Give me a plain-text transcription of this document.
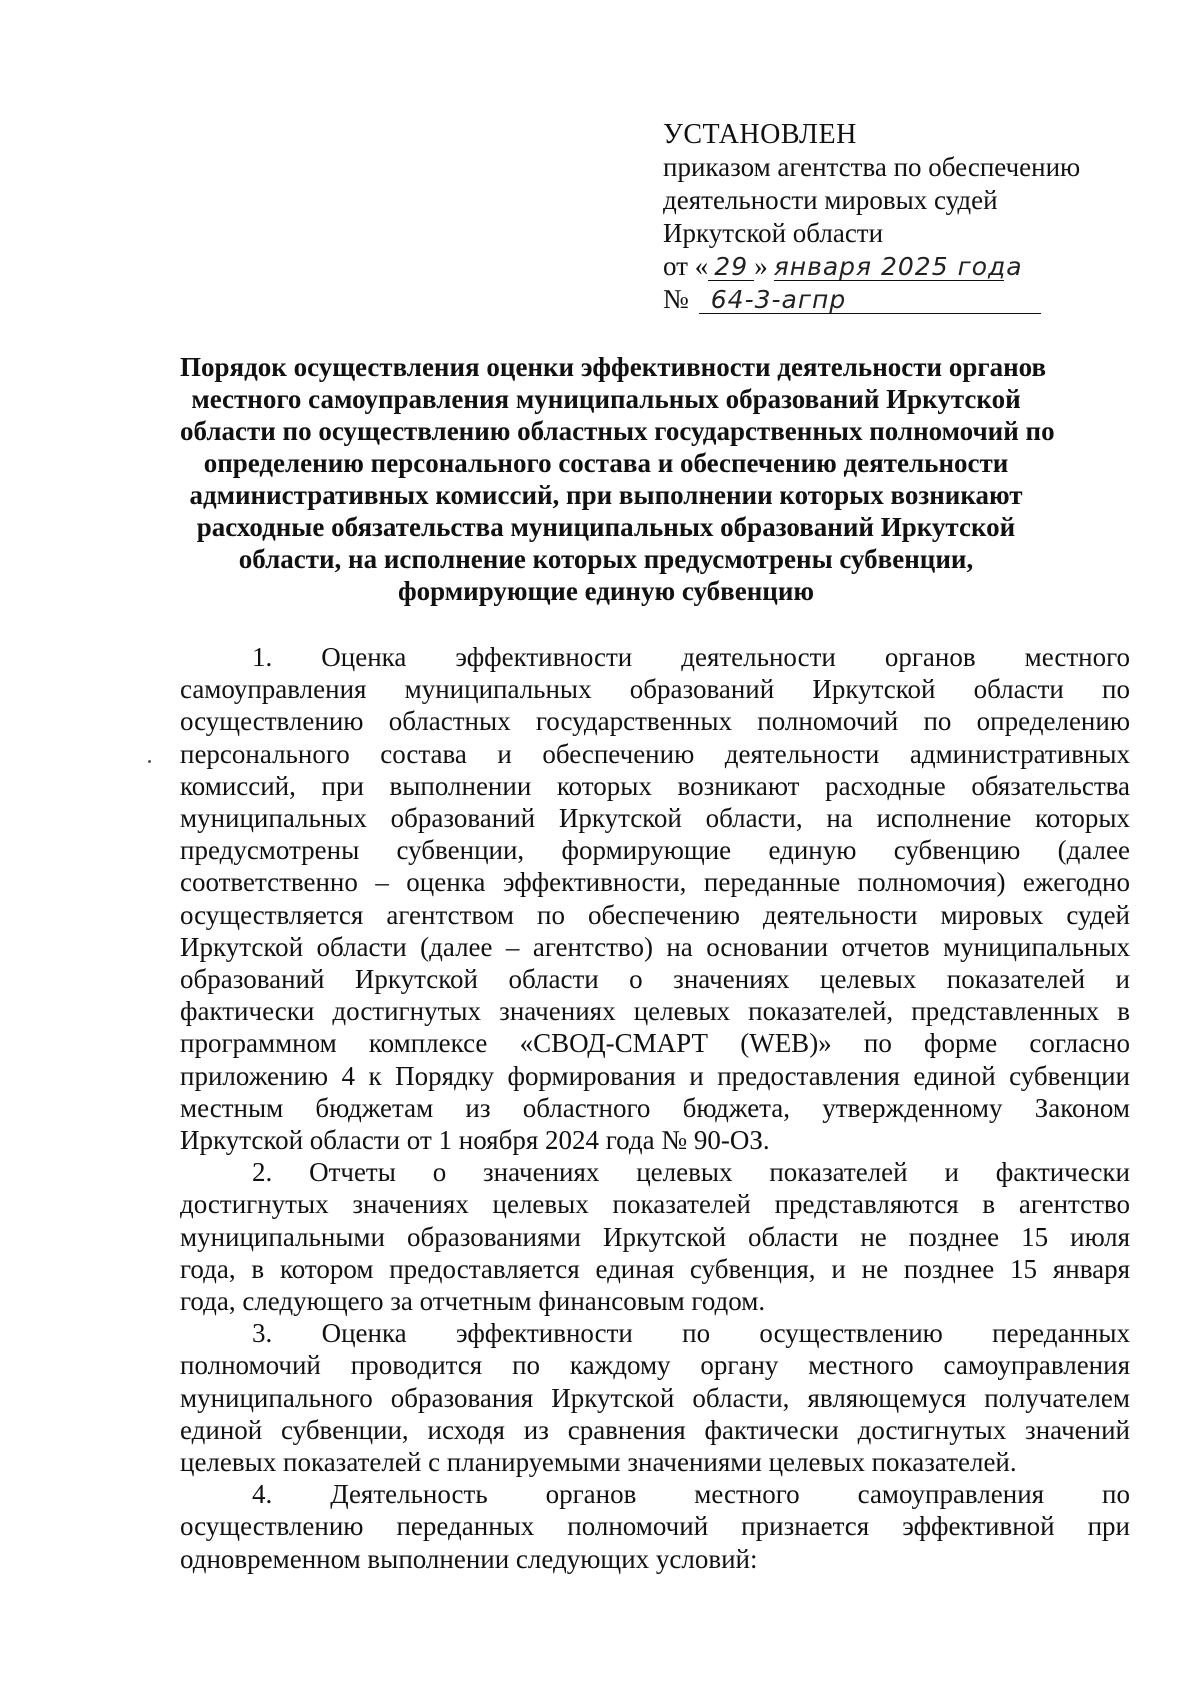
УСТАНОВЛЕН
приказом агентства по обеспечению
деятельности мировых судей
Иркутской области
от « 29 » января 2025 года
№ 64-3-агпр
Порядок осуществления оценки эффективности деятельности органов
местного самоуправления муниципальных образований Иркутской
области по осуществлению областных государственных полномочий по
определению персонального состава и обеспечению деятельности
административных комиссий, при выполнении которых возникают
расходные обязательства муниципальных образований Иркутской
области, на исполнение которых предусмотрены субвенции,
формирующие единую субвенцию
1. Оценка эффективности деятельности органов местного
самоуправления муниципальных образований Иркутской области по
осуществлению областных государственных полномочий по определению
персонального состава и обеспечению деятельности административных
комиссий, при выполнении которых возникают расходные обязательства
муниципальных образований Иркутской области, на исполнение которых
предусмотрены субвенции, формирующие единую субвенцию (далее
соответственно – оценка эффективности, переданные полномочия) ежегодно
осуществляется агентством по обеспечению деятельности мировых судей
Иркутской области (далее – агентство) на основании отчетов муниципальных
образований Иркутской области о значениях целевых показателей и
фактически достигнутых значениях целевых показателей, представленных в
программном комплексе «СВОД-СМАРТ (WEB)» по форме согласно
приложению 4 к Порядку формирования и предоставления единой субвенции
местным бюджетам из областного бюджета, утвержденному Законом
Иркутской области от 1 ноября 2024 года № 90-ОЗ.
2. Отчеты о значениях целевых показателей и фактически
достигнутых значениях целевых показателей представляются в агентство
муниципальными образованиями Иркутской области не позднее 15 июля
года, в котором предоставляется единая субвенция, и не позднее 15 января
года, следующего за отчетным финансовым годом.
3. Оценка эффективности по осуществлению переданных
полномочий проводится по каждому органу местного самоуправления
муниципального образования Иркутской области, являющемуся получателем
единой субвенции, исходя из сравнения фактически достигнутых значений
целевых показателей с планируемыми значениями целевых показателей.
4. Деятельность органов местного самоуправления по
осуществлению переданных полномочий признается эффективной при
одновременном выполнении следующих условий:
